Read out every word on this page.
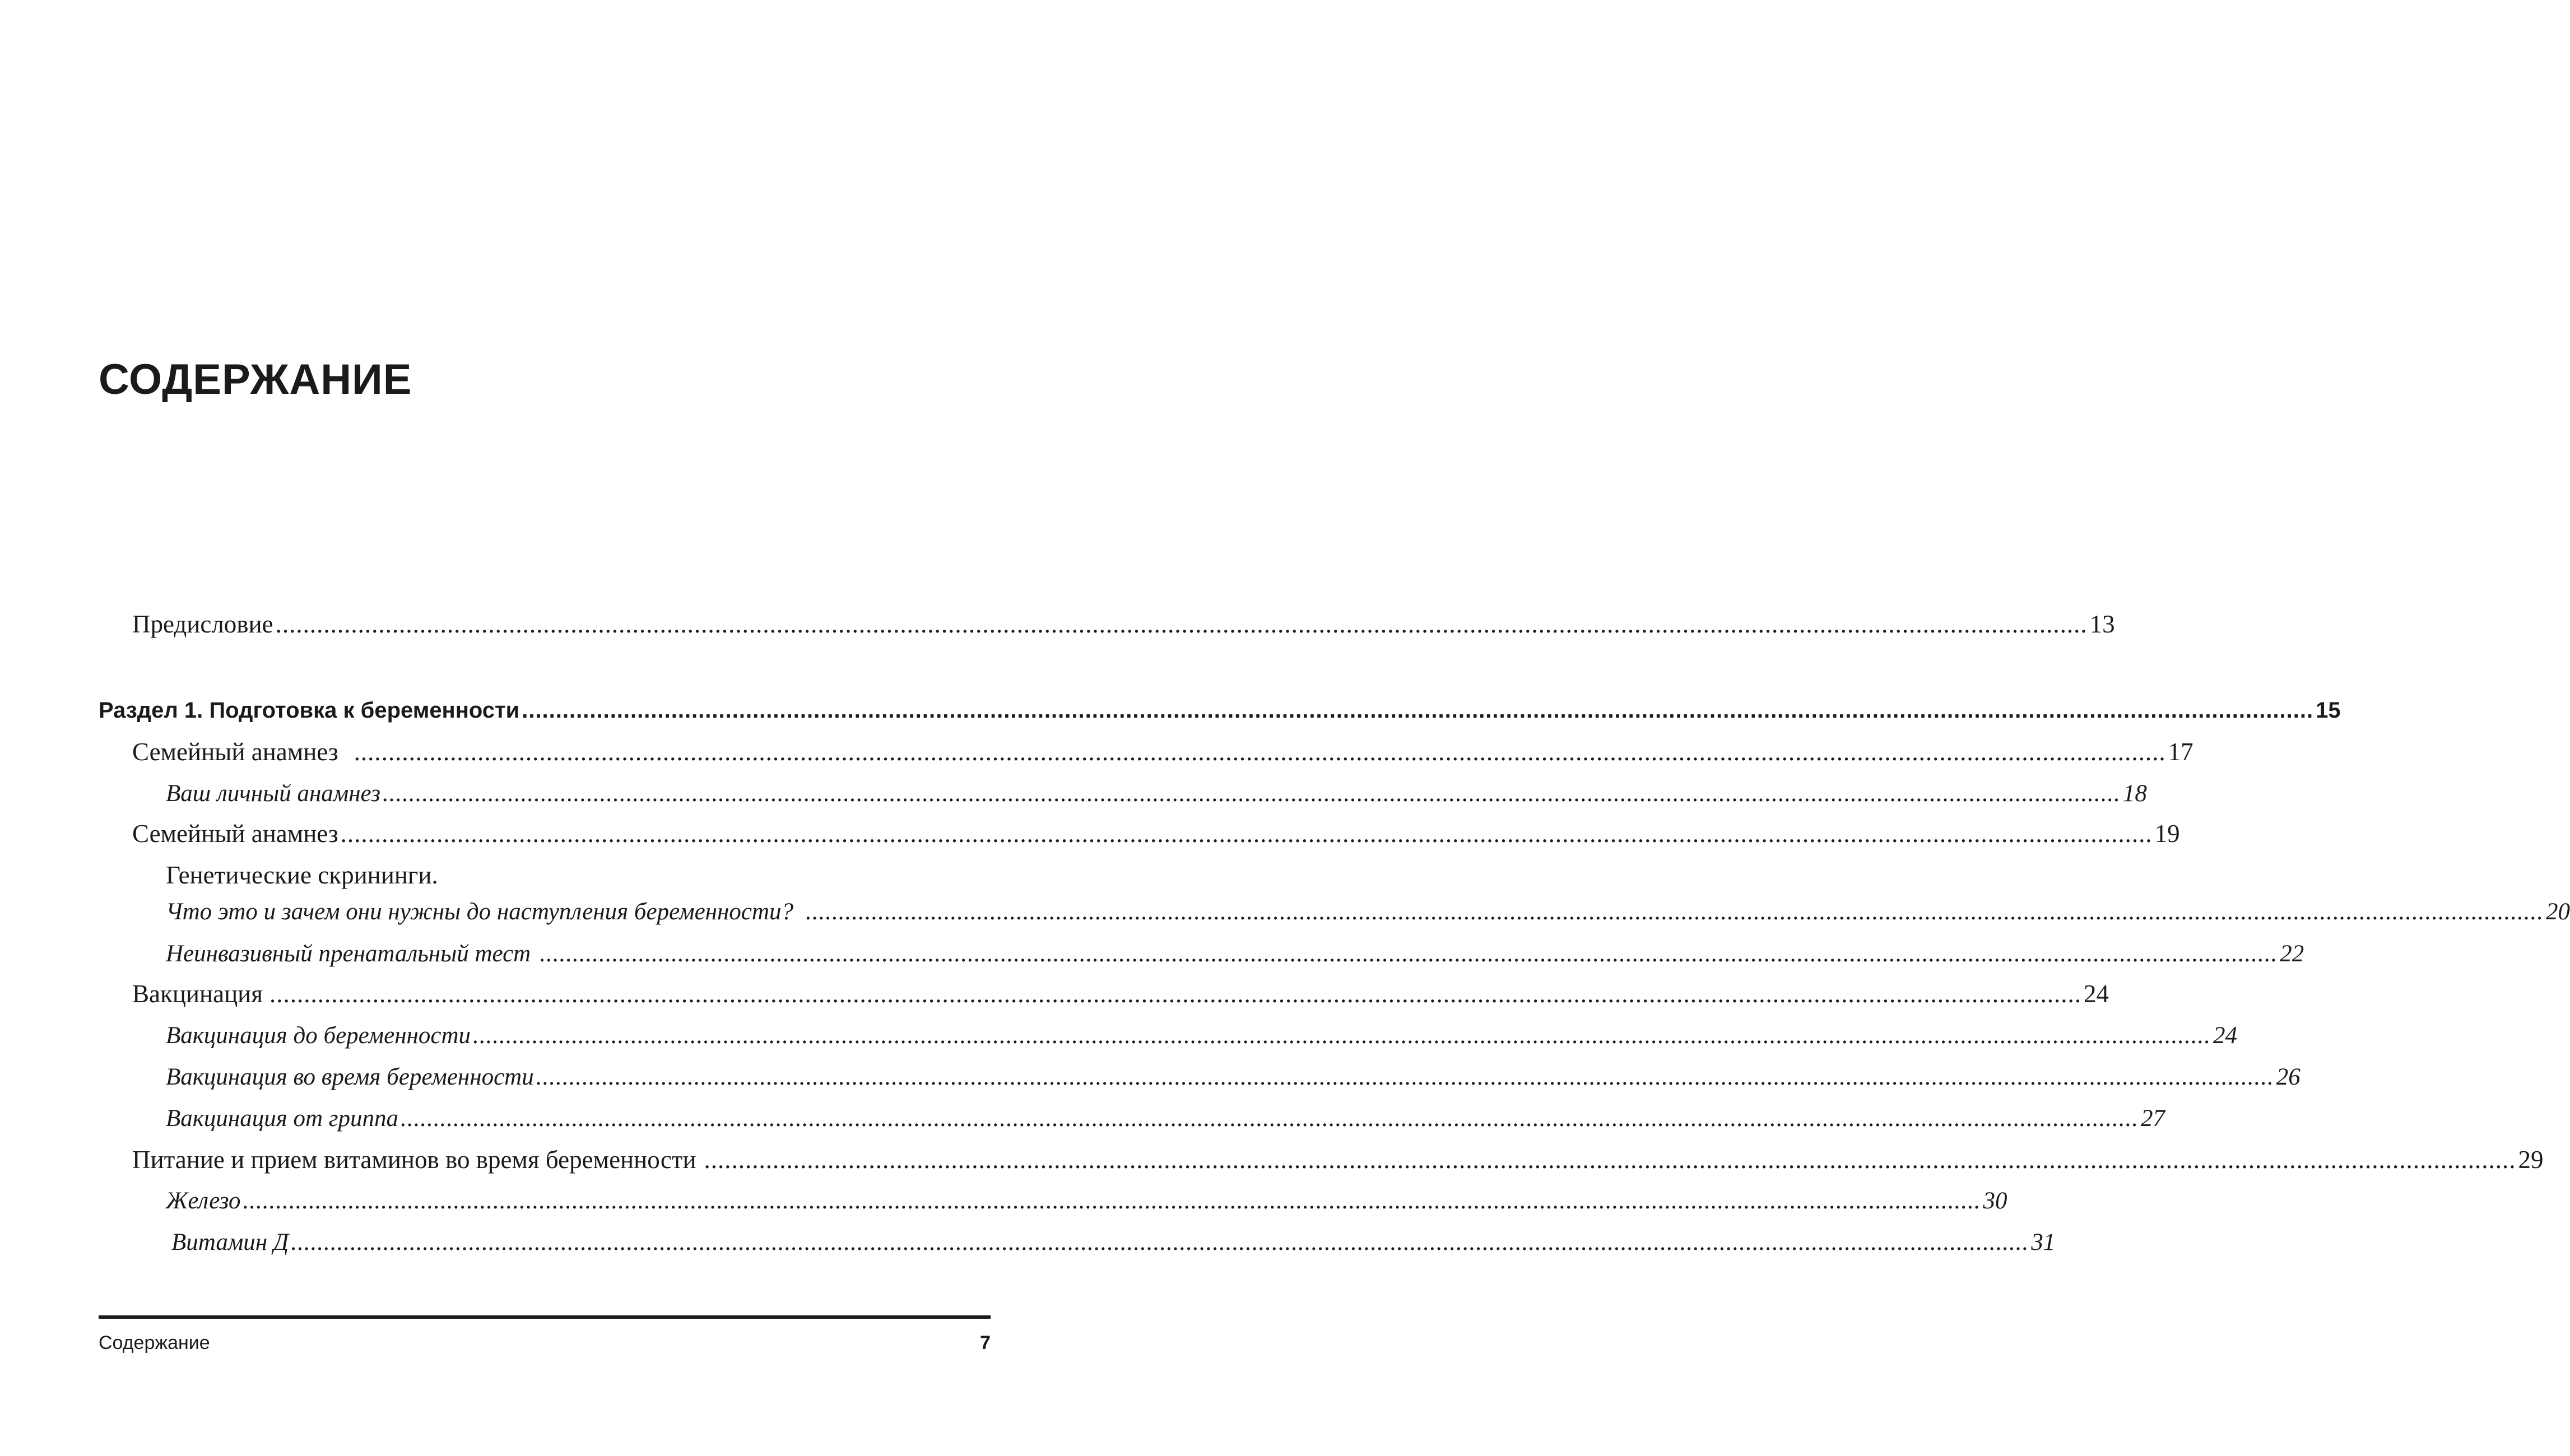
СОДЕРЖАНИЕ
Предисловие ........................................................................................................................................................................................................................................................................ 13
Раздел 1. Подготовка к беременности ........................................................................................................................................................................................................................................................................ 15
Семейный анамнез ........................................................................................................................................................................................................................................................................ 17
Ваш личный анамнез ........................................................................................................................................................................................................................................................................ 18
Семейный анамнез ........................................................................................................................................................................................................................................................................ 19
Генетические скрининги.
Что это и зачем они нужны до наступления беременности? ........................................................................................................................................................................................................................................................................ 20
Неинвазивный пренатальный тест ........................................................................................................................................................................................................................................................................ 22
Вакцинация ........................................................................................................................................................................................................................................................................ 24
Вакцинация до беременности ........................................................................................................................................................................................................................................................................ 24
Вакцинация во время беременности ........................................................................................................................................................................................................................................................................ 26
Вакцинация от гриппа ........................................................................................................................................................................................................................................................................ 27
Питание и прием витаминов во время беременности ........................................................................................................................................................................................................................................................................ 29
Железо ........................................................................................................................................................................................................................................................................ 30
Витамин Д ........................................................................................................................................................................................................................................................................ 31
Содержание	7
